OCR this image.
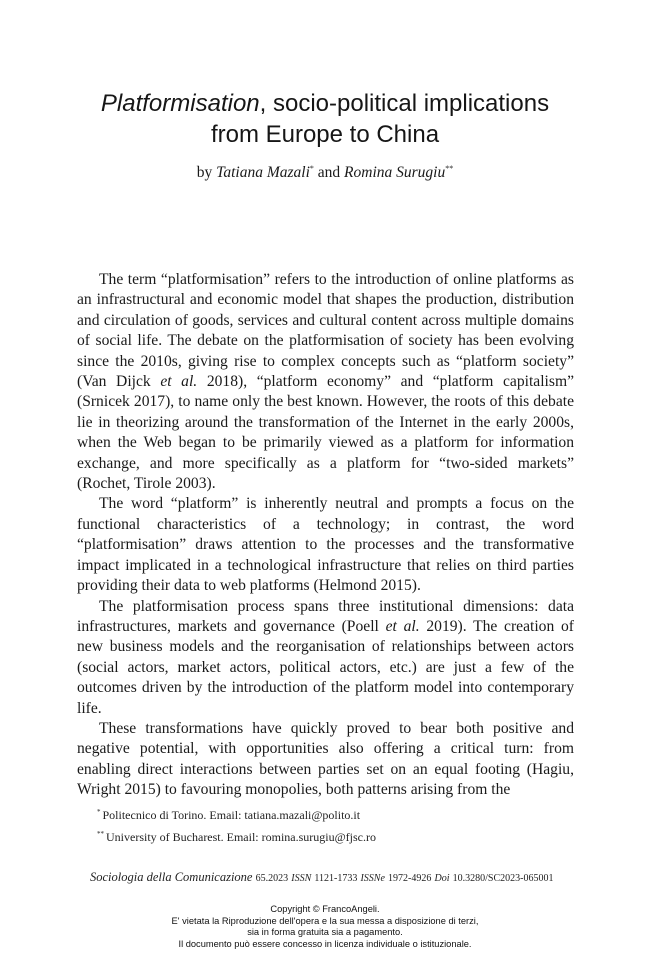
Platformisation, socio-political implications
from Europe to China
by Tatiana Mazali* and Romina Surugiu**

The term “platformisation” refers to the introduction of online platforms as an infrastructural and economic model that shapes the production, distribution and circulation of goods, services and cultural content across multiple domains of social life. The debate on the platformisation of society has been evolving since the 2010s, giving rise to complex concepts such as “platform society” (Van Dijck et al. 2018), “platform economy” and “platform capitalism” (Srnicek 2017), to name only the best known. However, the roots of this debate lie in theorizing around the transformation of the Internet in the early 2000s, when the Web began to be primarily viewed as a platform for information exchange, and more specifically as a platform for “two-sided markets” (Rochet, Tirole 2003).

The word “platform” is inherently neutral and prompts a focus on the functional characteristics of a technology; in contrast, the word “platformisation” draws attention to the processes and the transformative impact implicated in a technological infrastructure that relies on third parties providing their data to web platforms (Helmond 2015).

The platformisation process spans three institutional dimensions: data infrastructures, markets and governance (Poell et al. 2019). The creation of new business models and the reorganisation of relationships between actors (social actors, market actors, political actors, etc.) are just a few of the outcomes driven by the introduction of the platform model into contemporary life.

These transformations have quickly proved to bear both positive and negative potential, with opportunities also offering a critical turn: from enabling direct interactions between parties set on an equal footing (Hagiu, Wright 2015) to favouring monopolies, both patterns arising from the

* Politecnico di Torino. Email: tatiana.mazali@polito.it
** University of Bucharest. Email: romina.surugiu@fjsc.ro
Sociologia della Comunicazione 65.2023 ISSN 1121-1733 ISSNe 1972-4926 Doi 10.3280/SC2023-065001
Copyright © FrancoAngeli.
E' vietata la Riproduzione dell'opera e la sua messa a disposizione di terzi,
sia in forma gratuita sia a pagamento.
Il documento può essere concesso in licenza individuale o istituzionale.
